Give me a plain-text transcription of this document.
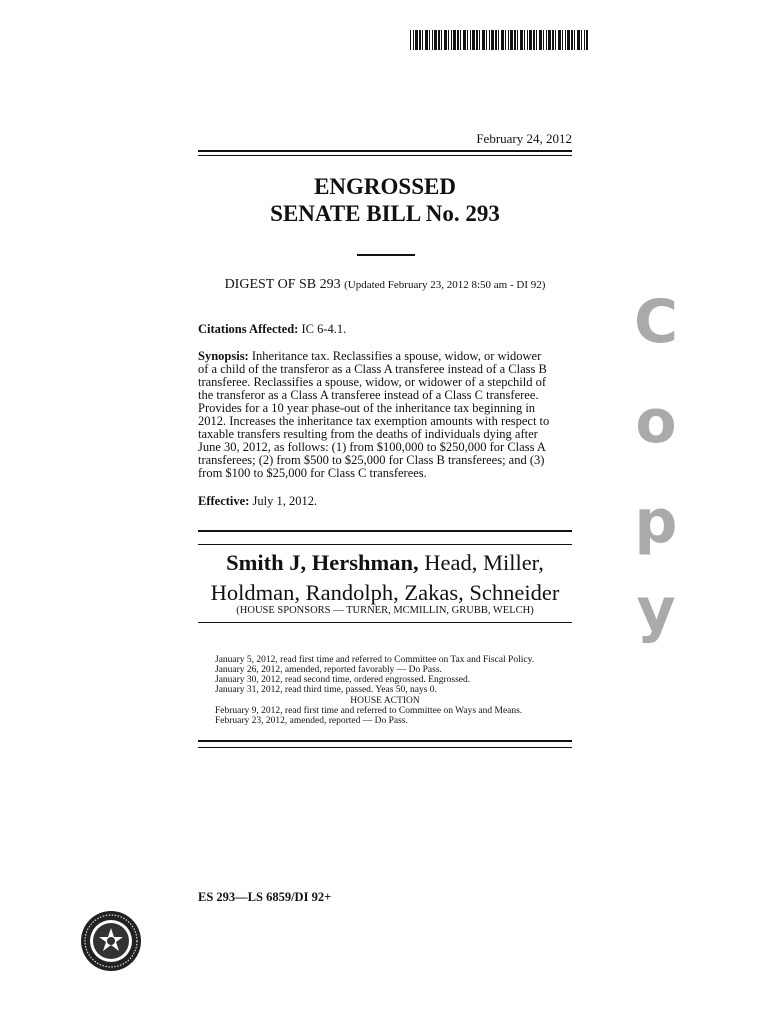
February 24, 2012
ENGROSSED
SENATE BILL No. 293
DIGEST OF SB 293 (Updated February 23, 2012 8:50 am - DI 92)
Citations Affected: IC 6-4.1.
Synopsis: Inheritance tax. Reclassifies a spouse, widow, or widower
of a child of the transferor as a Class A transferee instead of a Class B
transferee. Reclassifies a spouse, widow, or widower of a stepchild of
the transferor as a Class A transferee instead of a Class C transferee.
Provides for a 10 year phase-out of the inheritance tax beginning in
2012. Increases the inheritance tax exemption amounts with respect to
taxable transfers resulting from the deaths of individuals dying after
June 30, 2012, as follows: (1) from $100,000 to $250,000 for Class A
transferees; (2) from $500 to $25,000 for Class B transferees; and (3)
from $100 to $25,000 for Class C transferees.
Effective: July 1, 2012.
Smith J, Hershman, Head, Miller,
Holdman, Randolph, Zakas, Schneider
(HOUSE SPONSORS — TURNER, MCMILLIN, GRUBB, WELCH)
January 5, 2012, read first time and referred to Committee on Tax and Fiscal Policy.
January 26, 2012, amended, reported favorably — Do Pass.
January 30, 2012, read second time, ordered engrossed. Engrossed.
January 31, 2012, read third time, passed. Yeas 50, nays 0.
HOUSE ACTION
February 9, 2012, read first time and referred to Committee on Ways and Means.
February 23, 2012, amended, reported — Do Pass.
C
o
p
y
ES 293—LS 6859/DI 92+
